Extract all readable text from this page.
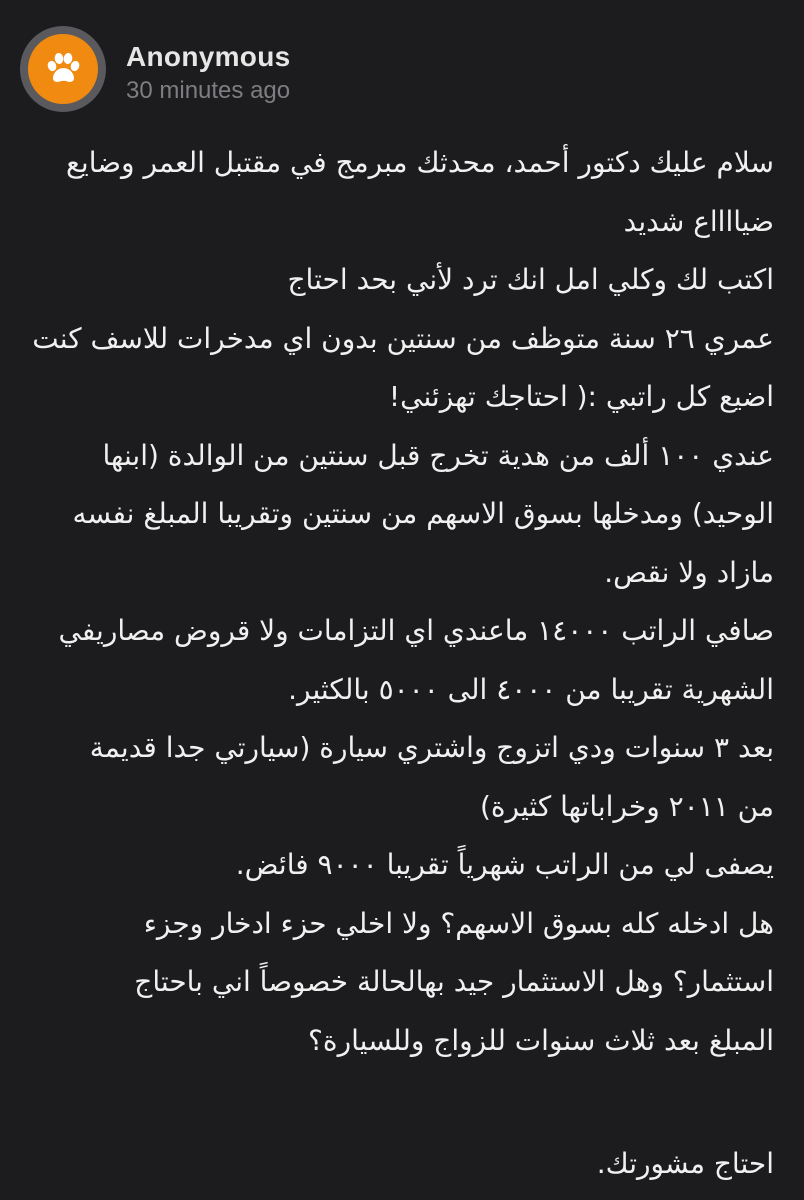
Anonymous
30 minutes ago
سلام عليك دكتور أحمد، محدثك مبرمج في مقتبل العمر وضايع
ضيااااع شديد
اكتب لك وكلي امل انك ترد لأني بحد احتاج
عمري ٢٦ سنة متوظف من سنتين بدون اي مدخرات للاسف كنت
اضيع كل راتبي :( احتاجك تهزئني!
عندي ١٠٠ ألف من هدية تخرج قبل سنتين من الوالدة (ابنها
الوحيد) ومدخلها بسوق الاسهم من سنتين وتقريبا المبلغ نفسه
مازاد ولا نقص.
صافي الراتب ١٤٠٠٠ ماعندي اي التزامات ولا قروض مصاريفي
الشهرية تقريبا من ٤٠٠٠ الى ٥٠٠٠ بالكثير.
بعد ٣ سنوات ودي اتزوج واشتري سيارة (سيارتي جدا قديمة
من ٢٠١١ وخراباتها كثيرة)
يصفى لي من الراتب شهرياً تقريبا ٩٠٠٠ فائض.
هل ادخله كله بسوق الاسهم؟ ولا اخلي حزء ادخار وجزء
استثمار؟ وهل الاستثمار جيد بهالحالة خصوصاً اني باحتاج
المبلغ بعد ثلاث سنوات للزواج وللسيارة؟
احتاج مشورتك.
